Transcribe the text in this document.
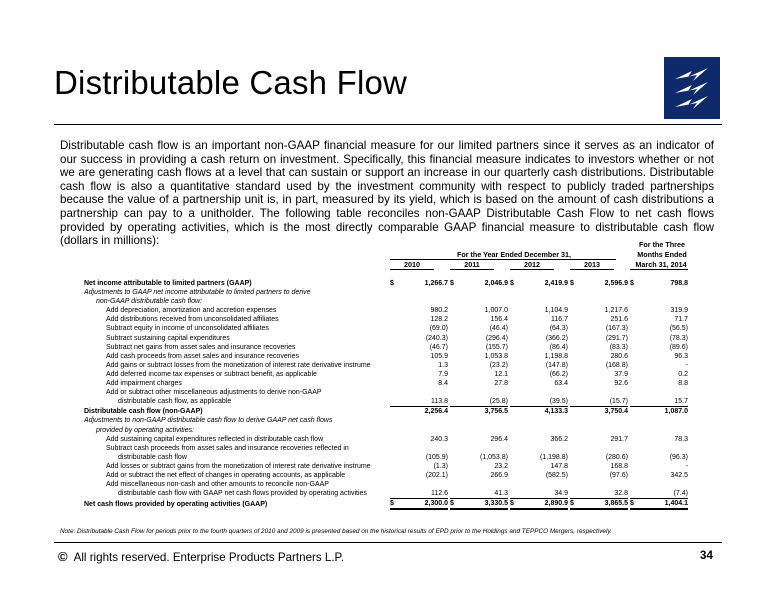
Distributable Cash Flow

Distributable cash flow is an important non-GAAP financial measure for our limited partners since it serves as an indicator of our success in providing a cash return on investment. Specifically, this financial measure indicates to investors whether or not we are generating cash flows at a level that can sustain or support an increase in our quarterly cash distributions. Distributable cash flow is also a quantitative standard used by the investment community with respect to publicly traded partnerships because the value of a partnership unit is, in part, measured by its yield, which is based on the amount of cash distributions a partnership can pay to a unitholder. The following table reconciles non-GAAP Distributable Cash Flow to net cash flows provided by operating activities, which is the most directly comparable GAAP financial measure to distributable cash flow (dollars in millions):	For the Three
For the Year Ended December 31,	Months Ended
2010	2011	2012	2013	March 31, 2014
Net income attributable to limited partners (GAAP)	$	1,266.7		$	2,046.9		$	2,419.9		$	2,596.9		$	798.8
Adjustments to GAAP net income attributable to limited partners to derive														
non-GAAP distributable cash flow:														
Add depreciation, amortization and accretion expenses		980.2			1,007.0			1,104.9			1,217.6			319.9
Add distributions received from unconsolidated affiliates		128.2			156.4			116.7			251.6			71.7
Subtract equity in income of unconsolidated affiliates		(69.0)			(46.4)			(64.3)			(167.3)			(56.5)
Subtract sustaining capital expenditures		(240.3)			(296.4)			(366.2)			(291.7)			(78.3)
Subtract net gains from asset sales and insurance recoveries		(46.7)			(155.7)			(86.4)			(83.3)			(89.6)
Add cash proceeds from asset sales and insurance recoveries		105.9			1,053.8			1,198.8			280.6			96.3
Add gains or subtract losses from the monetization of interest rate derivative instrume		1.3			(23.2)			(147.8)			(168.8)			-
Add deferred income tax expenses or subtract benefit, as applicable		7.9			12.1			(66.2)			37.9			0.2
Add impairment charges		8.4			27.8			63.4			92.6			8.8
Add or subtract other miscellaneous adjustments to derive non-GAAP														
distributable cash flow, as applicable		113.8			(25.8)			(39.5)			(15.7)			15.7
Distributable cash flow (non-GAAP)		2,256.4			3,756.5			4,133.3			3,750.4			1,087.0
Adjustments to non-GAAP distributable cash flow to derive GAAP net cash flows														
provided by operating activities:														
Add sustaining capital expenditures reflected in distributable cash flow		240.3			296.4			366.2			291.7			78.3
Subtract cash proceeds from asset sales and insurance recoveries reflected in														
distributable cash flow		(105.9)			(1,053.8)			(1,198.8)			(280.6)			(96.3)
Add losses or subtract gains from the monetization of interest rate derivative instrume		(1.3)			23.2			147.8			168.8			-
Add or subtract the net effect of changes in operating accounts, as applicable		(202.1)			266.9			(582.5)			(97.6)			342.5
Add miscellaneous non-cash and other amounts to reconcile non-GAAP														
distributable cash flow with GAAP net cash flows provided by operating activities		112.6			41.3			34.9			32.8			(7.4)
Net cash flows provided by operating activities (GAAP)	$	2,300.0		$	3,330.5		$	2,890.9		$	3,865.5		$	1,404.1

Note: Distributable Cash Flow for periods prior to the fourth quarters of 2010 and 2009 is presented based on the historical results of EPD prior to the Holdings and TEPPCO Mergers, respectively.

© All rights reserved. Enterprise Products Partners L.P.	34
